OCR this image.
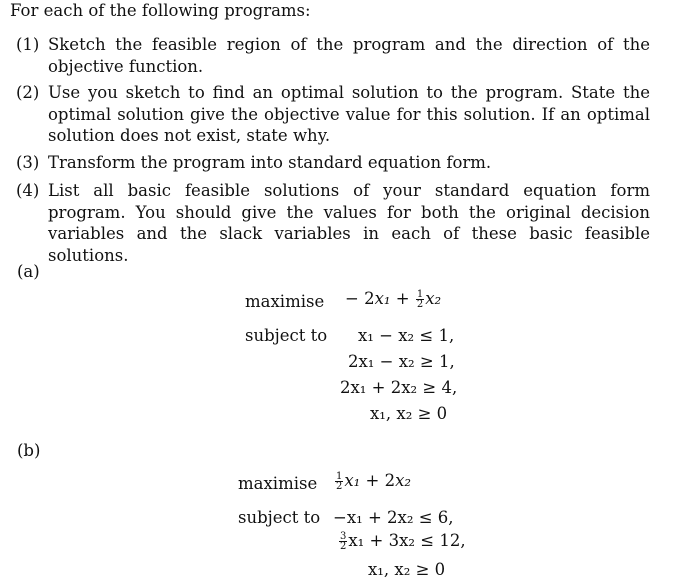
For each of the following programs:
(1) Sketch the feasible region of the program and the direction of the objective function.
(2) Use you sketch to find an optimal solution to the program. State the optimal solution give the objective value for this solution. If an optimal solution does not exist, state why.
(3) Transform the program into standard equation form.
(4) List all basic feasible solutions of your standard equation form program. You should give the values for both the original decision variables and the slack variables in each of these basic feasible solutions.
(a)
maximise − $2x_1 + \frac{1}{2} x_2$
subject to x₁ − x₂ ≤ 1,
2x₁ − x₂ ≥ 1,
2x₁ + 2x₂ ≥ 4,
x₁, x₂ ≥ 0
(b)
maximise $\frac{1}{2} x_1 + 2x_2$
subject to −x₁ + 2x₂ ≤ 6,
$\frac{3}{2} x_1 + 3x_2 \le 12$,
x₁, x₂ ≥ 0
